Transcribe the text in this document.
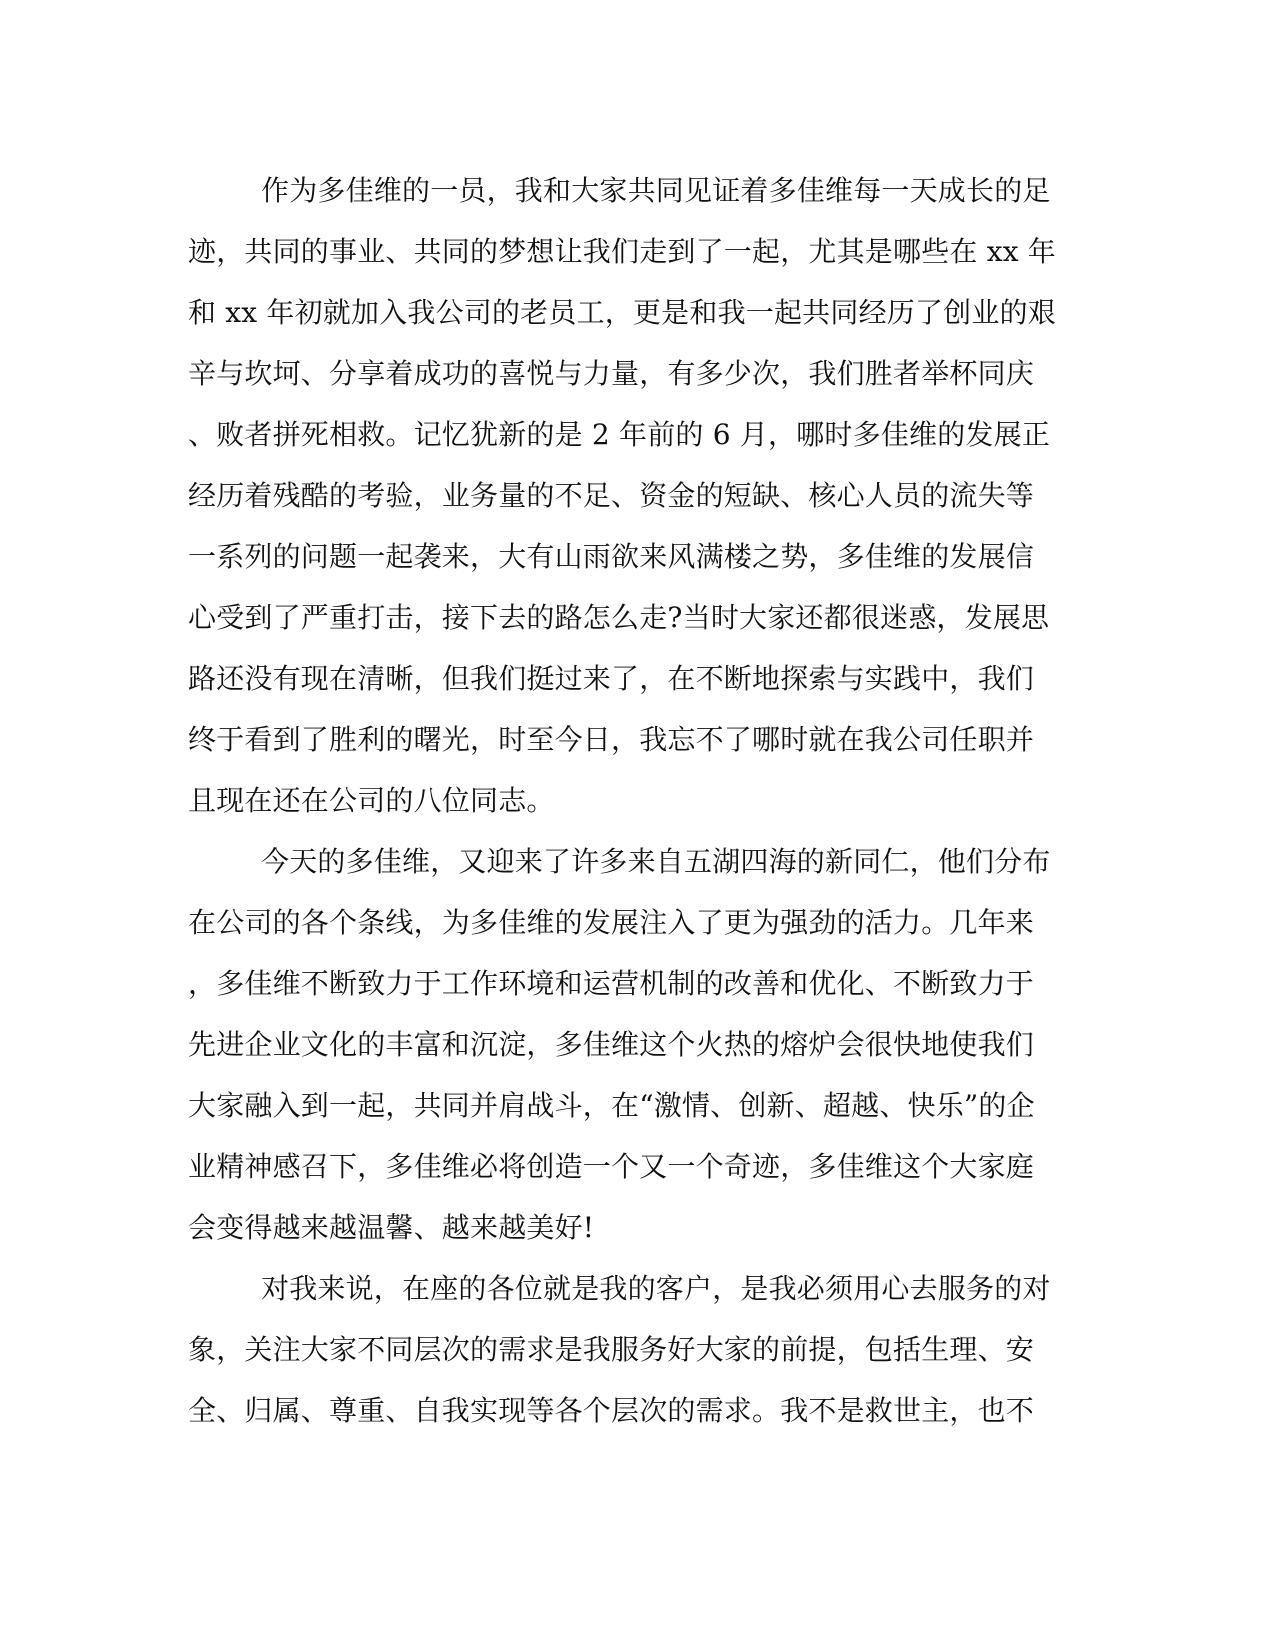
作为多佳维的一员，我和大家共同见证着多佳维每一天成长的足
迹，共同的事业、共同的梦想让我们走到了一起，尤其是哪些在 xx 年
和 xx 年初就加入我公司的老员工，更是和我一起共同经历了创业的艰
辛与坎坷、分享着成功的喜悦与力量，有多少次，我们胜者举杯同庆
、败者拼死相救。记忆犹新的是 2 年前的 6 月，哪时多佳维的发展正
经历着残酷的考验，业务量的不足、资金的短缺、核心人员的流失等
一系列的问题一起袭来，大有山雨欲来风满楼之势，多佳维的发展信
心受到了严重打击，接下去的路怎么走?当时大家还都很迷惑，发展思
路还没有现在清晰，但我们挺过来了，在不断地探索与实践中，我们
终于看到了胜利的曙光，时至今日，我忘不了哪时就在我公司任职并
且现在还在公司的八位同志。
今天的多佳维，又迎来了许多来自五湖四海的新同仁，他们分布
在公司的各个条线，为多佳维的发展注入了更为强劲的活力。几年来
，多佳维不断致力于工作环境和运营机制的改善和优化、不断致力于
先进企业文化的丰富和沉淀，多佳维这个火热的熔炉会很快地使我们
大家融入到一起，共同并肩战斗，在“激情、创新、超越、快乐”的企
业精神感召下，多佳维必将创造一个又一个奇迹，多佳维这个大家庭
会变得越来越温馨、越来越美好!
对我来说，在座的各位就是我的客户，是我必须用心去服务的对
象，关注大家不同层次的需求是我服务好大家的前提，包括生理、安
全、归属、尊重、自我实现等各个层次的需求。我不是救世主，也不
